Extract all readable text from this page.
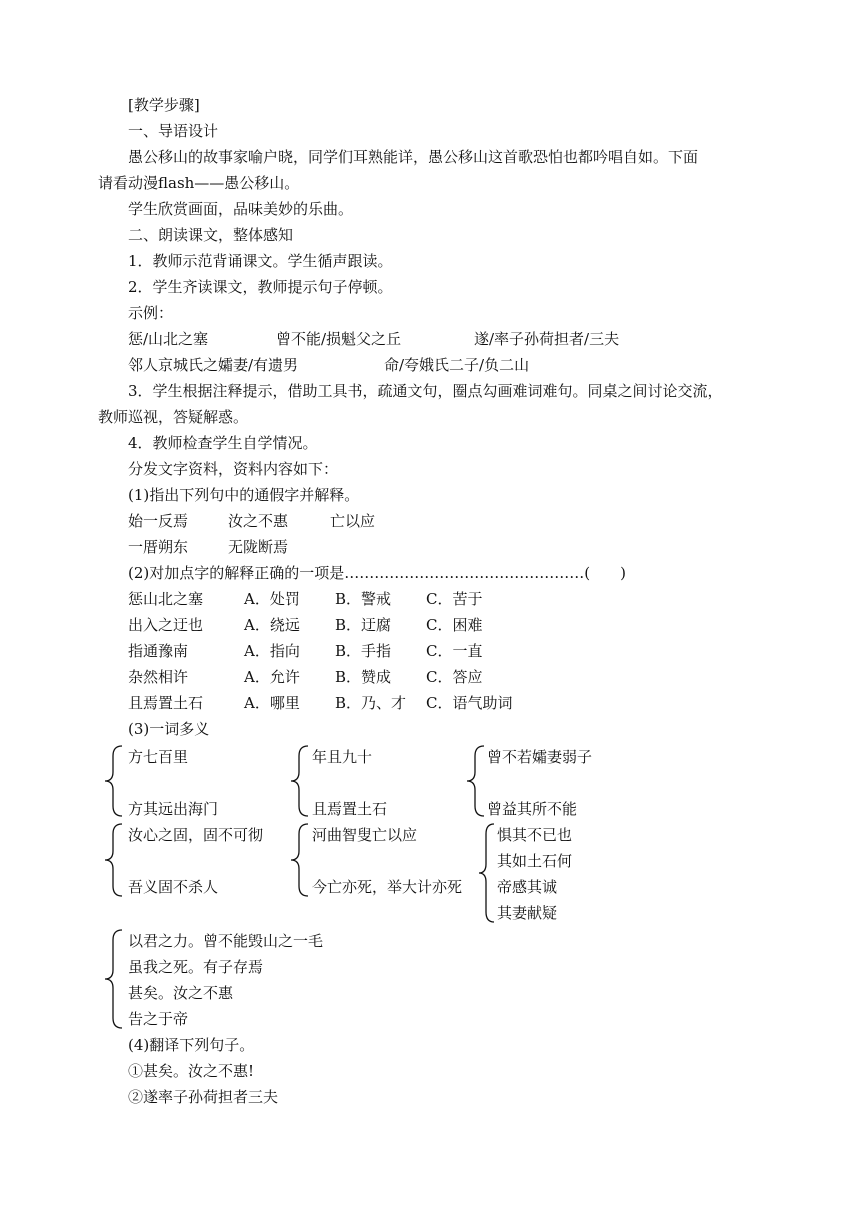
[教学步骤]
一、导语设计
愚公移山的故事家喻户晓，同学们耳熟能详，愚公移山这首歌恐怕也都吟唱自如。下面
请看动漫flash——愚公移山。
学生欣赏画面，品味美妙的乐曲。
二、朗读课文，整体感知
1．教师示范背诵课文。学生循声跟读。
2．学生齐读课文，教师提示句子停顿。
示例：
惩/山北之塞	曾不能/损魁父之丘	遂/率子孙荷担者/三夫
邻人京城氏之孀妻/有遗男	命/夸娥氏二子/负二山
3．学生根据注释提示，借助工具书，疏通文句，圈点勾画难词难句。同桌之间讨论交流，
教师巡视，答疑解惑。
4．教师检查学生自学情况。
分发文字资料，资料内容如下：
(1)指出下列句中的通假字并解释。
始一反焉	汝之不惠	亡以应
一厝朔东	无陇断焉
(2)对加点字的解释正确的一项是…………………………………………(　　)
惩山北之塞	A．处罚 B．警戒 C．苦于
出入之迂也	A．绕远 B．迂腐 C．困难
指通豫南	A．指向 B．手指 C．一直
杂然相许	A．允许 B．赞成 C．答应
且焉置土石	A．哪里 B．乃、才 C．语气助词
(3)一词多义
方七百里
方其远出海门
年且九十
且焉置土石
曾不若孀妻弱子
曾益其所不能
汝心之固，固不可彻
吾义固不杀人
河曲智叟亡以应
今亡亦死，举大计亦死
惧其不已也
其如土石何
帝感其诚
其妻献疑
以君之力。曾不能毁山之一毛
虽我之死。有子存焉
甚矣。汝之不惠
告之于帝
(4)翻译下列句子。
①甚矣。汝之不惠!
②遂率子孙荷担者三夫
